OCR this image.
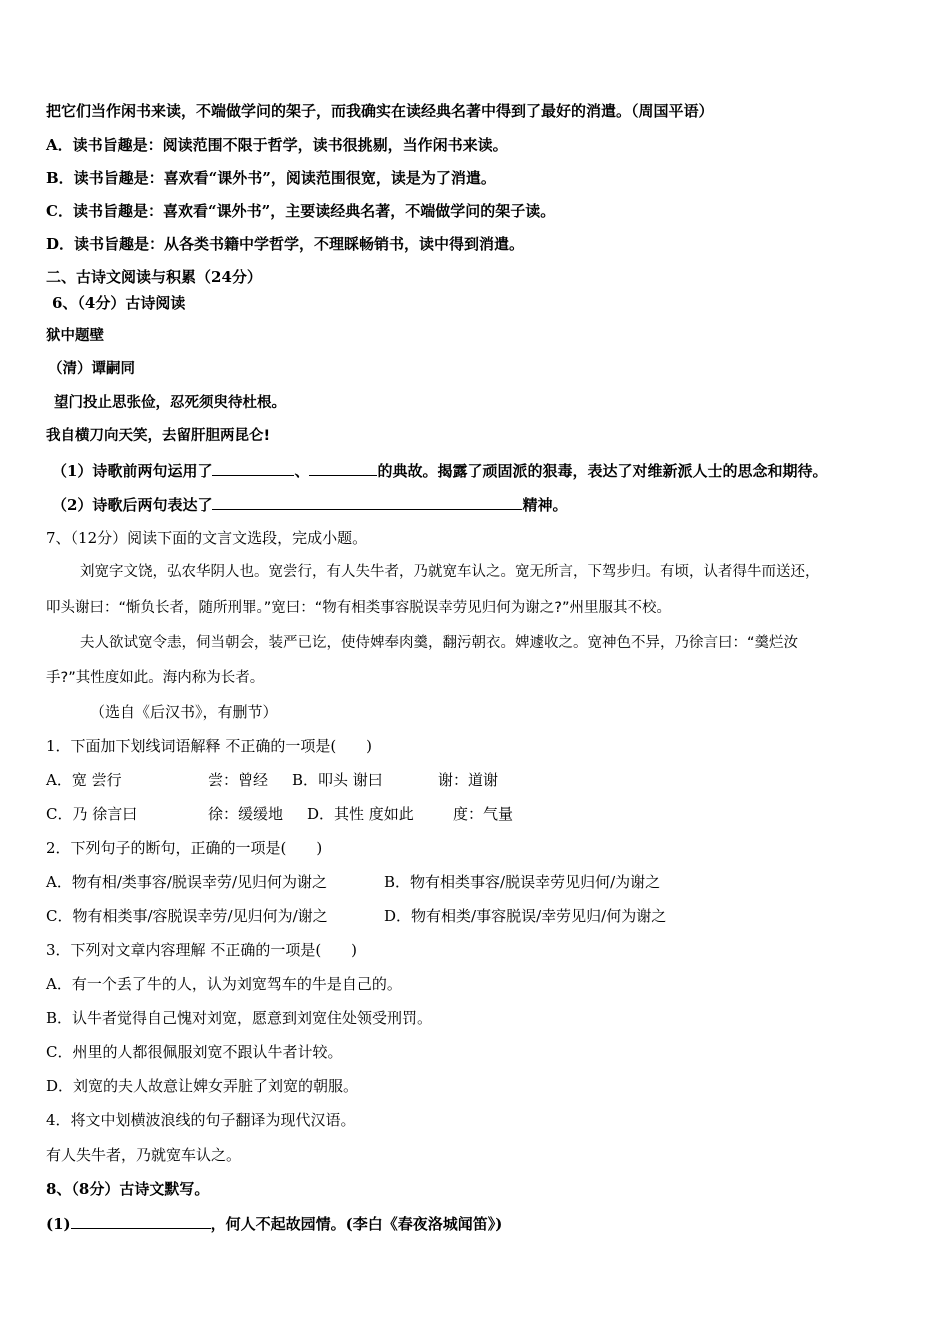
把它们当作闲书来读，不端做学问的架子，而我确实在读经典名著中得到了最好的消遣。（周国平语）
A．读书旨趣是：阅读范围不限于哲学，读书很挑剔，当作闲书来读。
B．读书旨趣是：喜欢看“课外书”，阅读范围很宽，读是为了消遣。
C．读书旨趣是：喜欢看“课外书”，主要读经典名著，不端做学问的架子读。
D．读书旨趣是：从各类书籍中学哲学，不理睬畅销书，读中得到消遣。
二、古诗文阅读与积累（24分）
6、（4分）古诗阅读
狱中题壁
（清）谭嗣同
望门投止思张俭，忍死须臾待杜根。
我自横刀向天笑，去留肝胆两昆仑!
（1）诗歌前两句运用了	、	的典故。揭露了顽固派的狠毒，表达了对维新派人士的思念和期待。
（2）诗歌后两句表达了	精神。
7、（12分）阅读下面的文言文选段，完成小题。
刘宽字文饶，弘农华阴人也。宽尝行，有人失牛者，乃就宽车认之。宽无所言，下驾步归。有顷，认者得牛而送还，
叩头谢曰：“惭负长者，随所刑罪。”宽曰：“物有相类事容脱误幸劳见归何为谢之?”州里服其不校。
夫人欲试宽令恚，伺当朝会，装严已讫，使侍婢奉肉羹，翻污朝衣。婢遽收之。宽神色不异，乃徐言曰：“羹烂汝
手?”其性度如此。海内称为长者。
（选自《后汉书》，有删节）
1．下面加下划线词语解释 不正确的一项是(　　)
A．宽 尝行	尝：曾经 B．叩头 谢曰	谢：道谢
C．乃 徐言曰	徐：缓缓地 D．其性 度如此	度：气量
2．下列句子的断句，正确的一项是(　　)
A．物有相/类事容/脱误幸劳/见归何为谢之	B．物有相类事容/脱误幸劳见归何/为谢之
C．物有相类事/容脱误幸劳/见归何为/谢之	D．物有相类/事容脱误/幸劳见归/何为谢之
3．下列对文章内容理解 不正确的一项是(　　)
A．有一个丢了牛的人，认为刘宽驾车的牛是自己的。
B．认牛者觉得自己愧对刘宽，愿意到刘宽住处领受刑罚。
C．州里的人都很佩服刘宽不跟认牛者计较。
D．刘宽的夫人故意让婢女弄脏了刘宽的朝服。
4．将文中划横波浪线的句子翻译为现代汉语。
有人失牛者，乃就宽车认之。
8、（8分）古诗文默写。
(1)	，何人不起故园情。(李白《春夜洛城闻笛》)
